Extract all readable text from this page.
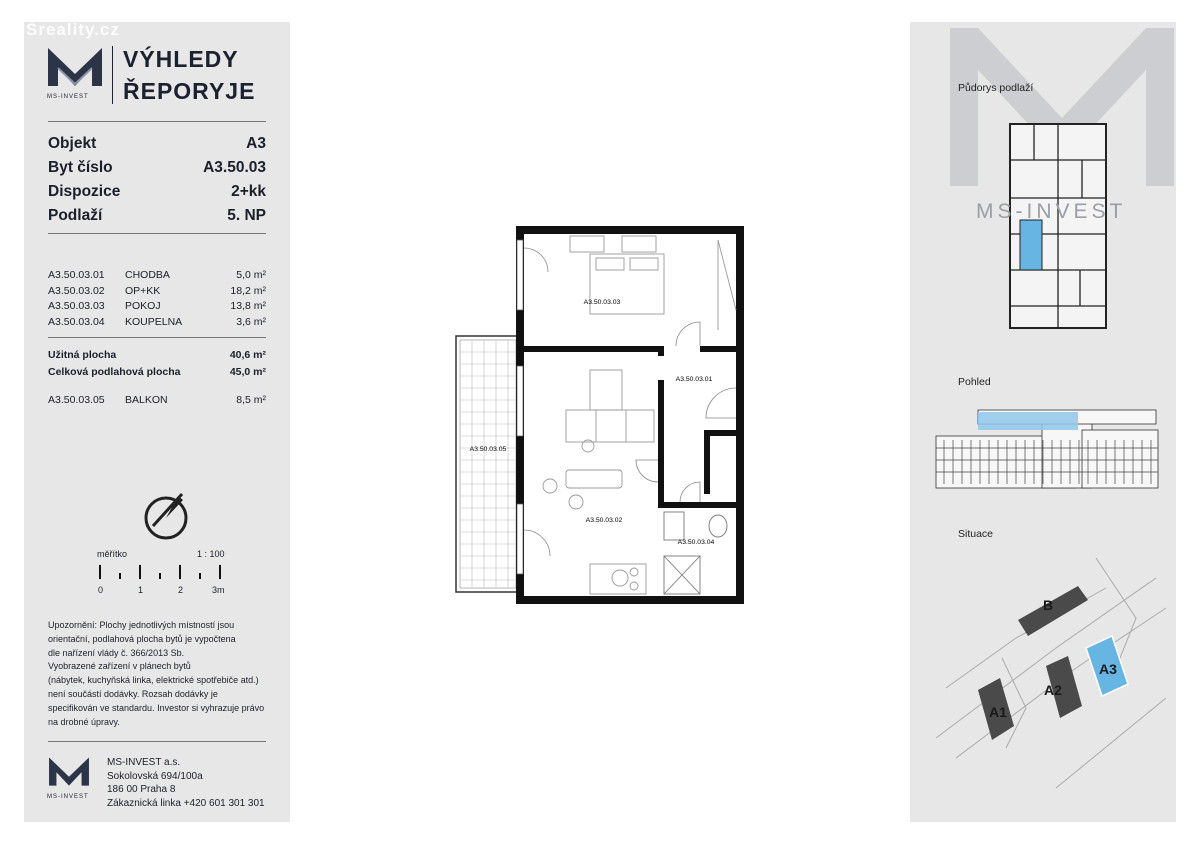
Sreality.cz
MS-INVEST
VÝHLEDY
ŘEPORYJE
Objekt	A3
Byt číslo	A3.50.03
Dispozice	2+kk
Podlaží	5. NP
A3.50.03.01	CHODBA	5,0 m²
A3.50.03.02	OP+KK	18,2 m²
A3.50.03.03	POKOJ	13,8 m²
A3.50.03.04	KOUPELNA	3,6 m²
Užitná plocha	40,6 m²
Celková podlahová plocha	45,0 m²
A3.50.03.05	BALKON	8,5 m²
měřítko	1 : 100
0	1	2	3m
Upozornění: Plochy jednotlivých místností jsou
orientační, podlahová plocha bytů je vypočtena
dle nařízení vlády č. 366/2013 Sb.
Vyobrazené zařízení v plánech bytů
(nábytek, kuchyňská linka, elektrické spotřebiče atd.)
není součástí dodávky. Rozsah dodávky je
specifikován ve standardu. Investor si vyhrazuje právo
na drobné úpravy.
MS-INVEST
MS-INVEST a.s.
Sokolovská 694/100a
186 00 Praha 8
Zákaznická linka +420 601 301 301
A3.50.03.03
A3.50.03.01
A3.50.03.02
A3.50.03.04
A3.50.03.05
Půdorys podlaží
MS-INVEST
Pohled
Situace
B
A2
A3
A1
